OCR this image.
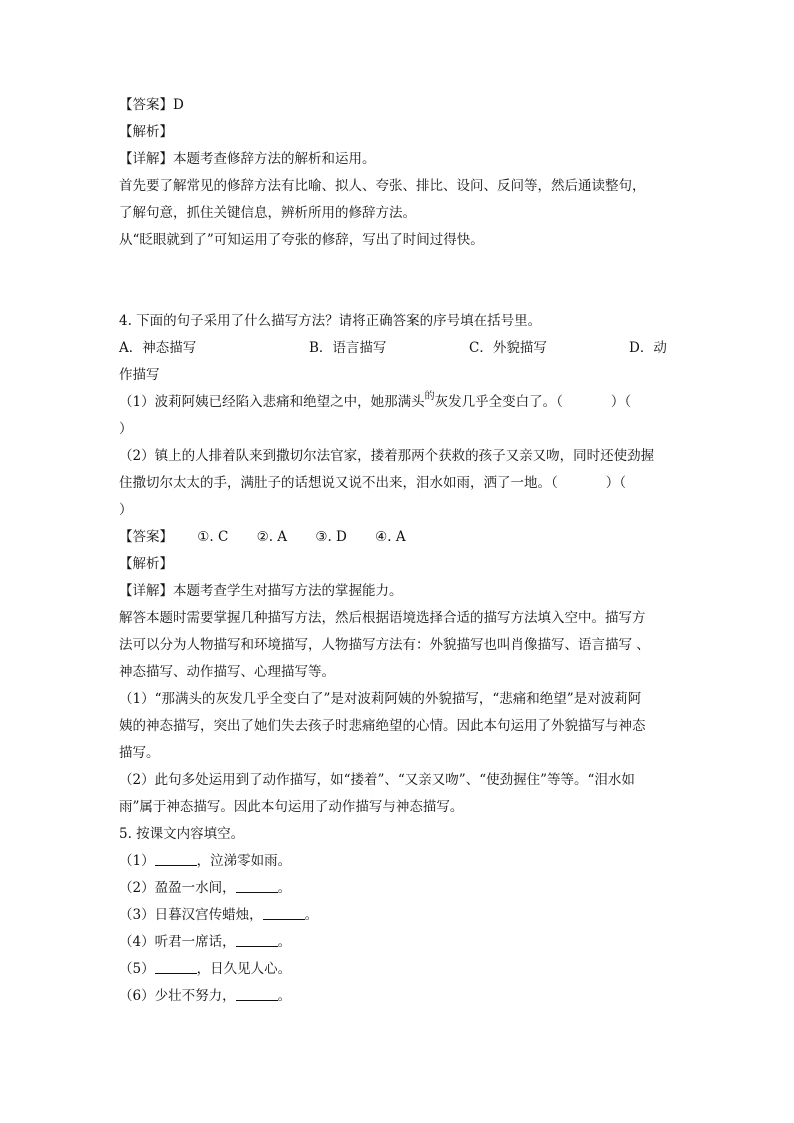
【答案】D
【解析】
【详解】本题考查修辞方法的解析和运用。
首先要了解常见的修辞方法有比喻、拟人、夸张、排比、设问、反问等，然后通读整句，
了解句意，抓住关键信息，辨析所用的修辞方法。
从“眨眼就到了”可知运用了夸张的修辞，写出了时间过得快。
4. 下面的句子采用了什么描写方法？请将正确答案的序号填在括号里。
A．神态描写	B．语言描写	C．外貌描写	D．动
作描写
（1）波莉阿姨已经陷入悲痛和绝望之中，她那满头$^的$灰发几乎全变白了。（	）（
）
（2）镇上的人排着队来到撒切尔法官家，搂着那两个获救的孩子又亲又吻，同时还使劲握
住撒切尔太太的手，满肚子的话想说又说不出来，泪水如雨，洒了一地。（	）（
）
【答案】 ①. C ②. A ③. D ④. A
【解析】
【详解】本题考查学生对描写方法的掌握能力。
解答本题时需要掌握几种描写方法，然后根据语境选择合适的描写方法填入空中。描写方
法可以分为人物描写和环境描写，人物描写方法有：外貌描写也叫肖像描写、语言描写 、
神态描写、动作描写、心理描写等。
（1）“那满头的灰发几乎全变白了”是对波莉阿姨的外貌描写，“悲痛和绝望”是对波莉阿
姨的神态描写，突出了她们失去孩子时悲痛绝望的心情。因此本句运用了外貌描写与神态
描写。
（2）此句多处运用到了动作描写，如“搂着”、“又亲又吻”、“使劲握住”等等。“泪水如
雨”属于神态描写。因此本句运用了动作描写与神态描写。
5. 按课文内容填空。
（1）	，泣涕零如雨。
（2）盈盈一水间，	。
（3）日暮汉宫传蜡烛，	。
（4）听君一席话，	。
（5）	，日久见人心。
（6）少壮不努力，	。
